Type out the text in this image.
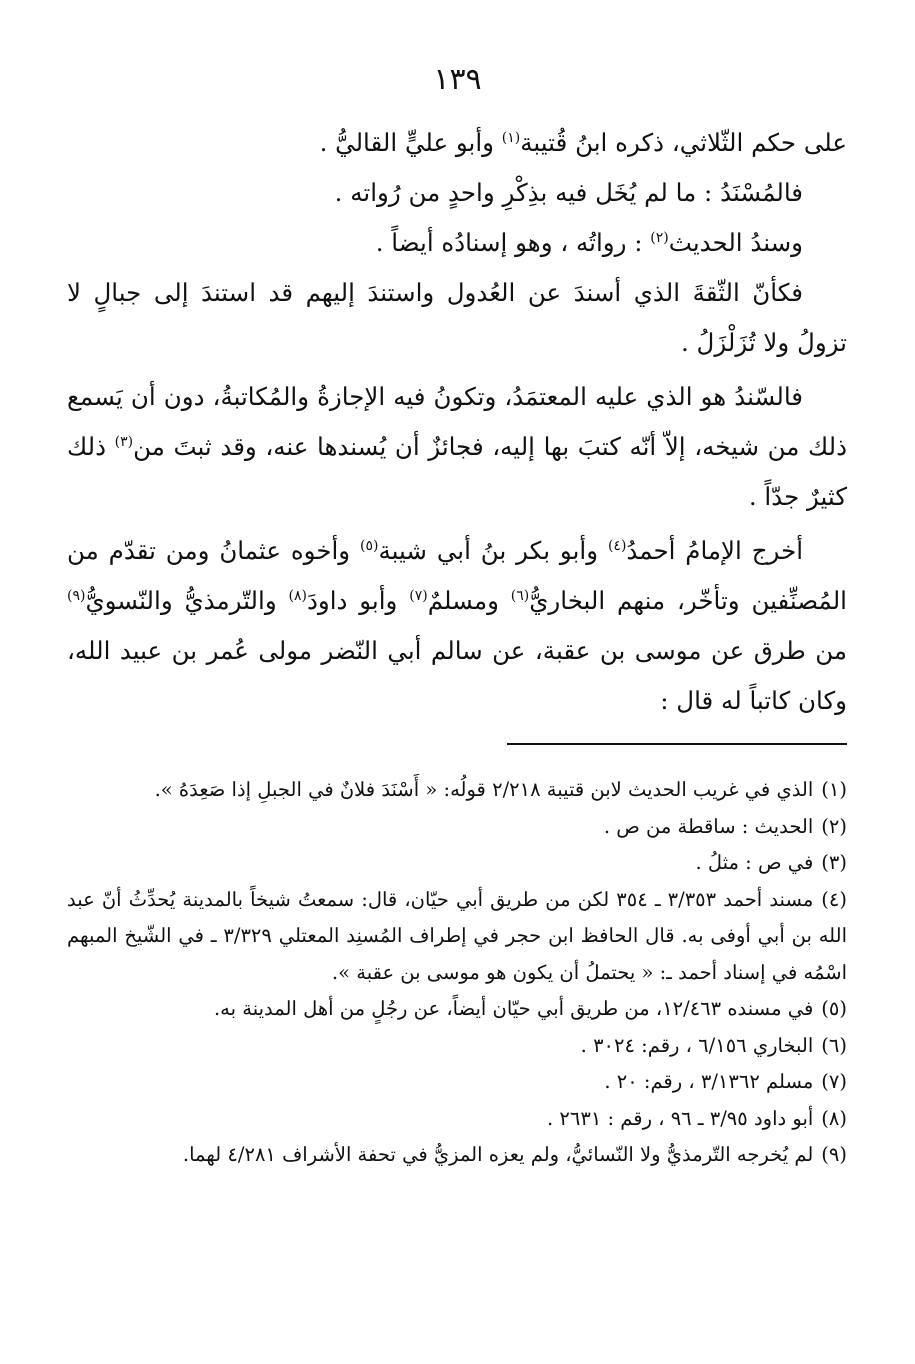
١٣٩

على حكم الثّلاثي، ذكره ابنُ قُتيبة$^{(١)}$ وأبو عليٍّ القاليُّ .

فالمُسْنَدُ : ما لم يُخَل فيه بذِكْرِ واحدٍ من رُواته .

وسندُ الحديث$^{(٢)}$ : رواتُه ، وهو إسنادُه أيضاً .

فكأنّ الثّقةَ الذي أسندَ عن العُدول واستندَ إليهم قد استندَ إلى جبالٍ لا تزولُ ولا تُزَلْزَلُ .

فالسّندُ هو الذي عليه المعتمَدُ، وتكونُ فيه الإجازةُ والمُكاتبةُ، دون أن يَسمع ذلك من شيخه، إلاّ أنّه كتبَ بها إليه، فجائزٌ أن يُسندها عنه، وقد ثبتَ من$^{(٣)}$ ذلك كثيرٌ جدّاً .

أخرج الإمامُ أحمدُ$^{(٤)}$ وأبو بكر بنُ أبي شيبة$^{(٥)}$ وأخوه عثمانُ ومن تقدّم من المُصنِّفين وتأخّر، منهم البخاريُّ$^{(٦)}$ ومسلمٌ$^{(٧)}$ وأبو داودَ$^{(٨)}$ والتّرمذيُّ والنّسويُّ$^{(٩)}$ من طرق عن موسى بن عقبة، عن سالم أبي النّضر مولى عُمر بن عبيد الله، وكان كاتباً له قال :

(١)الذي في غريب الحديث لابن قتيبة ٢/٢١٨ قولُه: « أَسْنَدَ فلانٌ في الجبلِ إذا صَعِدَهُ ».

(٢)الحديث : ساقطة من ص .

(٣)في ص : مثلُ .

(٤)مسند أحمد ٣/٣٥٣ ـ ٣٥٤ لكن من طريق أبي حيّان، قال: سمعتُ شيخاً بالمدينة يُحدِّثُ أنّ عبد الله بن أبي أوفى به. قال الحافظ ابن حجر في إطراف المُسنِد المعتلي ٣/٣٢٩ ـ في الشّيخ المبهم اسْمُه في إسناد أحمد ـ: « يحتملُ أن يكون هو موسى بن عقبة ».

(٥)في مسنده ١٢/٤٦٣، من طريق أبي حيّان أيضاً، عن رجُلٍ من أهل المدينة به.

(٦)البخاري ٦/١٥٦ ، رقم: ٣٠٢٤ .

(٧)مسلم ٣/١٣٦٢ ، رقم: ٢٠ .

(٨)أبو داود ٣/٩٥ ـ ٩٦ ، رقم : ٢٦٣١ .

(٩)لم يُخرجه التّرمذيُّ ولا النّسائيُّ، ولم يعزه المزيُّ في تحفة الأشراف ٤/٢٨١ لهما.
